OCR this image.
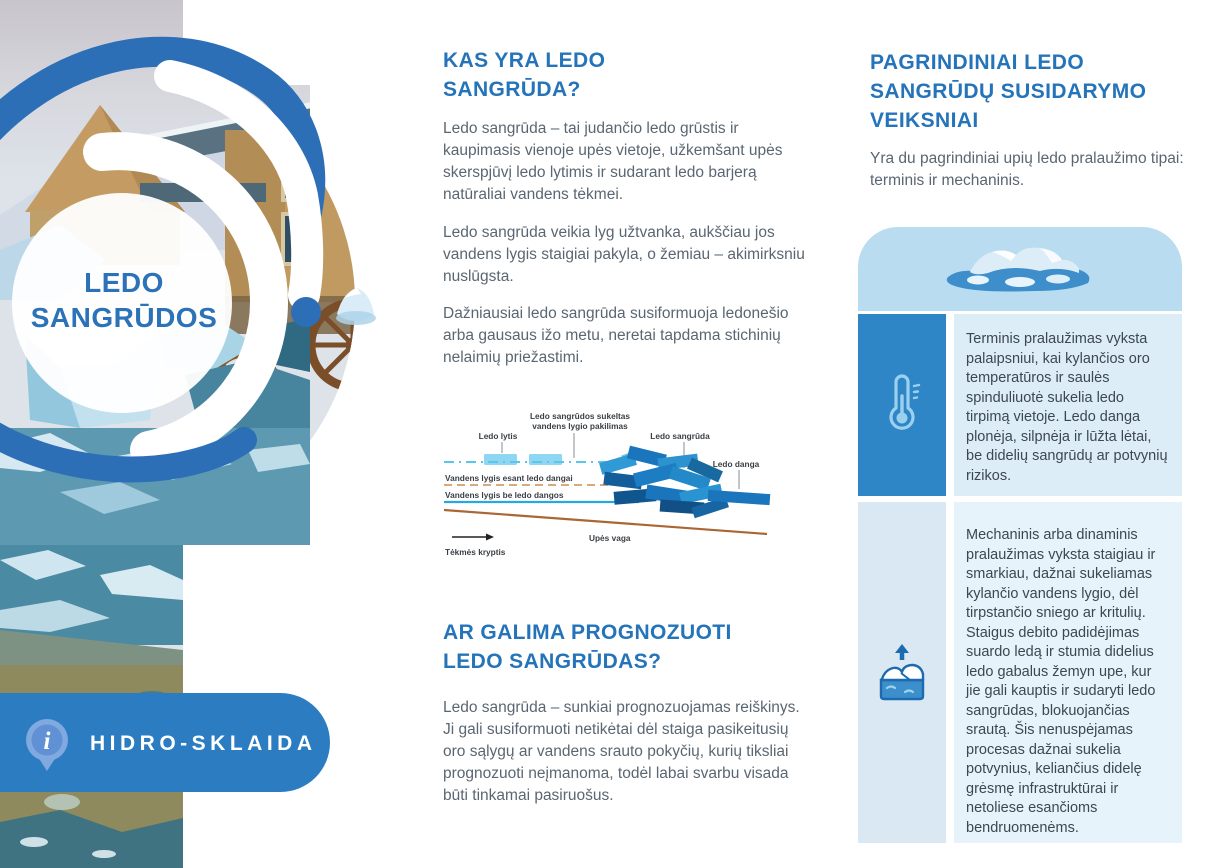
LEDO
SANGRŪDOS
i HIDRO-SKLAIDA
KAS YRA LEDO SANGRŪDA?

Ledo sangrūda – tai judančio ledo grūstis ir kaupimasis vienoje upės vietoje, užkemšant upės skerspjūvį ledo lytimis ir sudarant ledo barjerą natūraliai vandens tėkmei.

Ledo sangrūda veikia lyg užtvanka, aukščiau jos vandens lygis staigiai pakyla, o žemiau – akimirksniu nuslūgsta.

Dažniausiai ledo sangrūda susiformuoja ledonešio arba gausaus ižo metu, neretai tapdama stichinių nelaimių priežastimi.

Ledo sangrūdos sukeltas
vandens lygio pakilimas
Ledo lytis	Ledo sangrūda
Ledo danga
Vandens lygis esant ledo dangai
Vandens lygis be ledo dangos
Upės vaga
Tėkmės kryptis
AR GALIMA PROGNOZUOTI LEDO SANGRŪDAS?

Ledo sangrūda – sunkiai prognozuojamas reiškinys. Ji gali susiformuoti netikėtai dėl staiga pasikeitusių oro sąlygų ar vandens srauto pokyčių, kurių tiksliai prognozuoti neįmanoma, todėl labai svarbu visada būti tinkamai pasiruošus.

PAGRINDINIAI LEDO SANGRŪDŲ SUSIDARYMO VEIKSNIAI

Yra du pagrindiniai upių ledo pralaužimo tipai: terminis ir mechaninis.

Terminis pralaužimas vyksta palaipsniui, kai kylančios oro temperatūros ir saulės spinduliuotė sukelia ledo tirpimą vietoje. Ledo danga plonėja, silpnėja ir lūžta lėtai, be didelių sangrūdų ar potvynių rizikos.
Mechaninis arba dinaminis pralaužimas vyksta staigiau ir smarkiau, dažnai sukeliamas kylančio vandens lygio, dėl tirpstančio sniego ar kritulių. Staigus debito padidėjimas suardo ledą ir stumia didelius ledo gabalus žemyn upe, kur jie gali kauptis ir sudaryti ledo sangrūdas, blokuojančias srautą. Šis nenuspėjamas procesas dažnai sukelia potvynius, keliančius didelę grėsmę infrastruktūrai ir netoliese esančioms bendruomenėms.
